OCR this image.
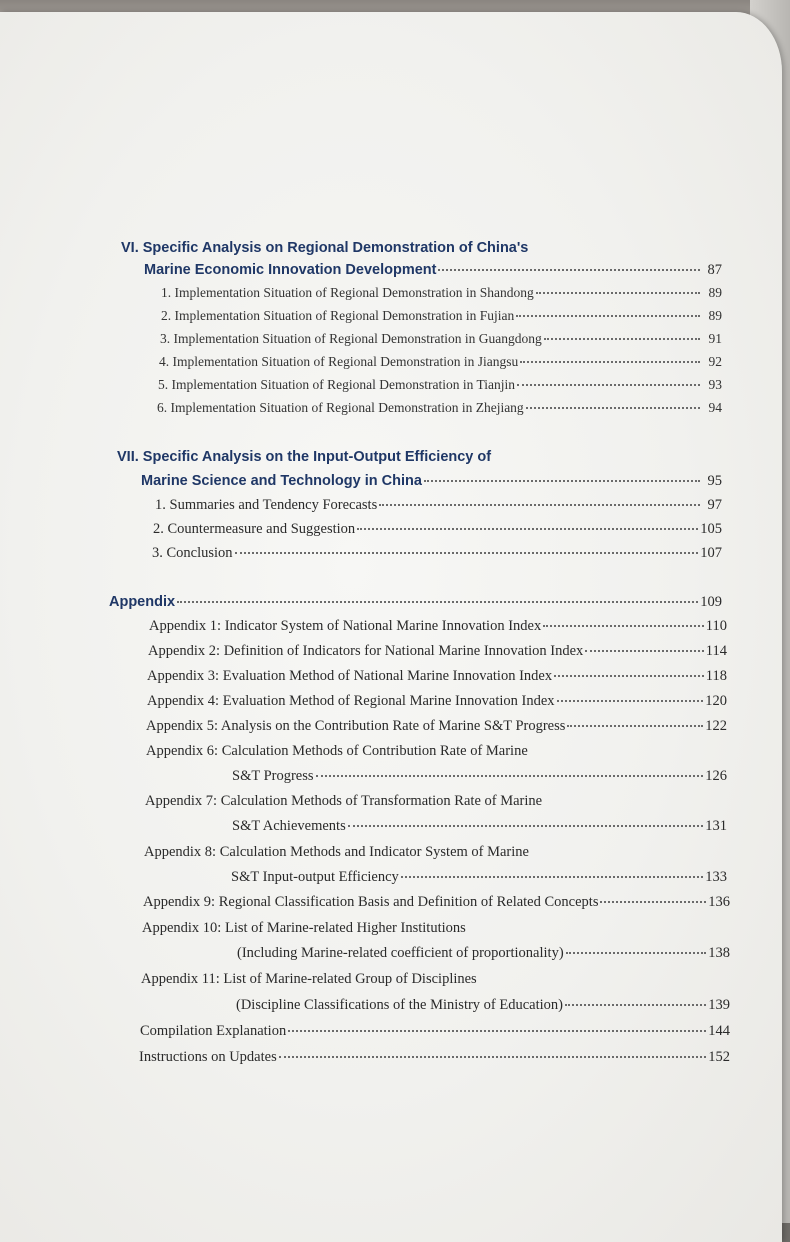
VI. Specific Analysis on Regional Demonstration of China's
Marine Economic Innovation Development	87
1. Implementation Situation of Regional Demonstration in Shandong	89
2. Implementation Situation of Regional Demonstration in Fujian	89
3. Implementation Situation of Regional Demonstration in Guangdong	91
4. Implementation Situation of Regional Demonstration in Jiangsu	92
5. Implementation Situation of Regional Demonstration in Tianjin	93
6. Implementation Situation of Regional Demonstration in Zhejiang	94
VII. Specific Analysis on the Input-Output Efficiency of
Marine Science and Technology in China	95
1. Summaries and Tendency Forecasts	97
2. Countermeasure and Suggestion	105
3. Conclusion	107
Appendix	109
Appendix 1: Indicator System of National Marine Innovation Index	110
Appendix 2: Definition of Indicators for National Marine Innovation Index	114
Appendix 3: Evaluation Method of National Marine Innovation Index	118
Appendix 4: Evaluation Method of Regional Marine Innovation Index	120
Appendix 5: Analysis on the Contribution Rate of Marine S&T Progress	122
Appendix 6: Calculation Methods of Contribution Rate of Marine
S&T Progress	126
Appendix 7: Calculation Methods of Transformation Rate of Marine
S&T Achievements	131
Appendix 8: Calculation Methods and Indicator System of Marine
S&T Input-output Efficiency	133
Appendix 9: Regional Classification Basis and Definition of Related Concepts	136
Appendix 10: List of Marine-related Higher Institutions
(Including Marine-related coefficient of proportionality)	138
Appendix 11: List of Marine-related Group of Disciplines
(Discipline Classifications of the Ministry of Education)	139
Compilation Explanation	144
Instructions on Updates	152
